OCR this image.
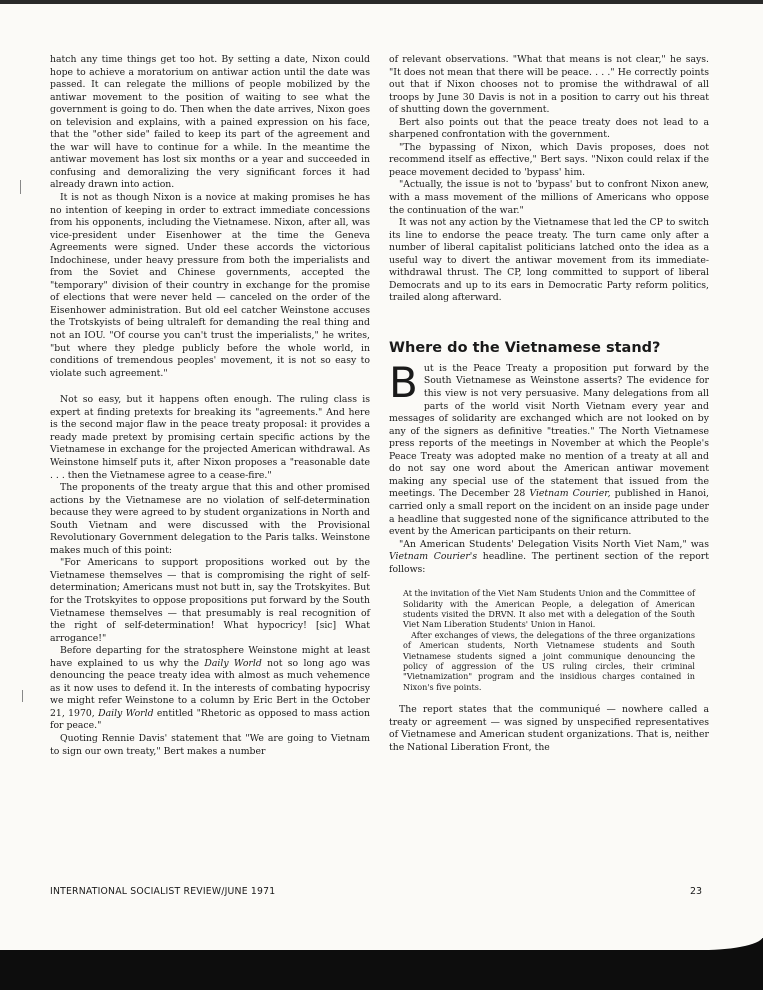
hatch any time things get too hot. By setting a date, Nixon could hope to achieve a moratorium on antiwar action until the date was passed. It can relegate the millions of people mobilized by the antiwar movement to the position of waiting to see what the government is going to do. Then when the date arrives, Nixon goes on television and explains, with a pained expression on his face, that the "other side" failed to keep its part of the agreement and the war will have to continue for a while. In the meantime the antiwar movement has lost six months or a year and succeeded in confusing and demoralizing the very significant forces it had already drawn into action.

It is not as though Nixon is a novice at making promises he has no intention of keeping in order to extract immediate concessions from his opponents, including the Vietnamese. Nixon, after all, was vice-president under Eisenhower at the time the Geneva Agreements were signed. Under these accords the victorious Indochinese, under heavy pressure from both the imperialists and from the Soviet and Chinese governments, accepted the "temporary" division of their country in exchange for the promise of elections that were never held — canceled on the order of the Eisenhower administration. But old eel catcher Weinstone accuses the Trotskyists of being ultraleft for demanding the real thing and not an IOU. "Of course you can't trust the imperialists," he writes, "but where they pledge publicly before the whole world, in conditions of tremendous peoples' movement, it is not so easy to violate such agreement."

Not so easy, but it happens often enough. The ruling class is expert at finding pretexts for breaking its "agreements." And here is the second major flaw in the peace treaty proposal: it provides a ready made pretext by promising certain specific actions by the Vietnamese in exchange for the projected American withdrawal. As Weinstone himself puts it, after Nixon proposes a "reasonable date . . . then the Vietnamese agree to a cease-fire."

The proponents of the treaty argue that this and other promised actions by the Vietnamese are no violation of self-determination because they were agreed to by student organizations in North and South Vietnam and were discussed with the Provisional Revolutionary Government delegation to the Paris talks. Weinstone makes much of this point:

"For Americans to support propositions worked out by the Vietnamese themselves — that is compromising the right of self-determination; Americans must not butt in, say the Trotskyites. But for the Trotskyites to oppose propositions put forward by the South Vietnamese themselves — that presumably is real recognition of the right of self-determination! What hypocricy! [sic] What arrogance!"

Before departing for the stratosphere Weinstone might at least have explained to us why the Daily World not so long ago was denouncing the peace treaty idea with almost as much vehemence as it now uses to defend it. In the interests of combating hypocrisy we might refer Weinstone to a column by Eric Bert in the October 21, 1970, Daily World entitled "Rhetoric as opposed to mass action for peace."

Quoting Rennie Davis' statement that "We are going to Vietnam to sign our own treaty," Bert makes a number

of relevant observations. "What that means is not clear," he says. "It does not mean that there will be peace. . . ." He correctly points out that if Nixon chooses not to promise the withdrawal of all troops by June 30 Davis is not in a position to carry out his threat of shutting down the government.

Bert also points out that the peace treaty does not lead to a sharpened confrontation with the government.

"The bypassing of Nixon, which Davis proposes, does not recommend itself as effective," Bert says. "Nixon could relax if the peace movement decided to 'bypass' him.

"Actually, the issue is not to 'bypass' but to confront Nixon anew, with a mass movement of the millions of Americans who oppose the continuation of the war."

It was not any action by the Vietnamese that led the CP to switch its line to endorse the peace treaty. The turn came only after a number of liberal capitalist politicians latched onto the idea as a useful way to divert the antiwar movement from its immediate-withdrawal thrust. The CP, long committed to support of liberal Democrats and up to its ears in Democratic Party reform politics, trailed along afterward.

Where do the Vietnamese stand?

But is the Peace Treaty a proposition put forward by the South Vietnamese as Weinstone asserts? The evidence for this view is not very persuasive. Many delegations from all parts of the world visit North Vietnam every year and messages of solidarity are exchanged which are not looked on by any of the signers as definitive "treaties." The North Vietnamese press reports of the meetings in November at which the People's Peace Treaty was adopted make no mention of a treaty at all and do not say one word about the American antiwar movement making any special use of the statement that issued from the meetings. The December 28 Vietnam Courier, published in Hanoi, carried only a small report on the incident on an inside page under a headline that suggested none of the significance attributed to the event by the American participants on their return.

"An American Students' Delegation Visits North Viet Nam," was Vietnam Courier's headline. The pertinent section of the report follows:

At the invitation of the Viet Nam Students Union and the Committee of Solidarity with the American People, a delegation of American students visited the DRVN. It also met with a delegation of the South Viet Nam Liberation Students' Union in Hanoi.

After exchanges of views, the delegations of the three organizations of American students, North Vietnamese students and South Vietnamese students signed a joint communique denouncing the policy of aggression of the US ruling circles, their criminal "Vietnamization" program and the insidious charges contained in Nixon's five points.

The report states that the communiqué — nowhere called a treaty or agreement — was signed by unspecified representatives of Vietnamese and American student organizations. That is, neither the National Liberation Front, the

INTERNATIONAL SOCIALIST REVIEW/JUNE 1971	23
